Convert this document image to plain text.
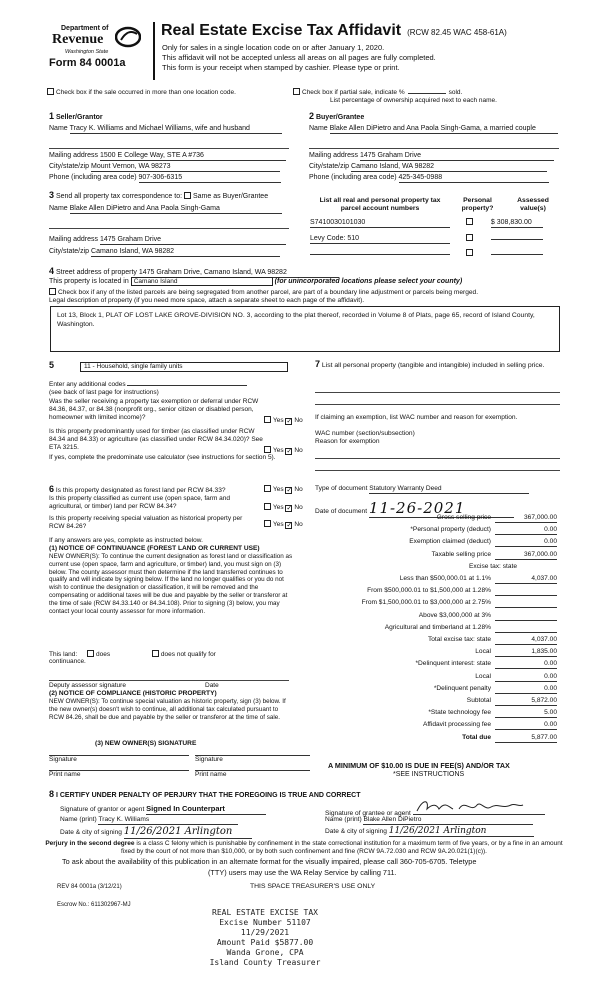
Department of
Revenue
Washington State
Form 84 0001a
Real Estate Excise Tax Affidavit (RCW 82.45 WAC 458-61A)
Only for sales in a single location code on or after January 1, 2020.
This affidavit will not be accepted unless all areas on all pages are fully completed.
This form is your receipt when stamped by cashier. Please type or print.
Check box if the sale occurred in more than one location code.	Check box if partial sale, indicate %	sold.
List percentage of ownership acquired next to each name.
1 Seller/Grantor
Name Tracy K. Williams and Michael Williams, wife and husband
Mailing address 1500 E College Way, STE A #736
City/state/zip Mount Vernon, WA 98273
Phone (including area code) 907-306-6315
2 Buyer/Grantee
Name Blake Allen DiPietro and Ana Paola Singh-Gama, a married couple
Mailing address 1475 Graham Drive
City/state/zip Camano Island, WA 98282
Phone (including area code) 425-345-0988
3 Send all property tax correspondence to: Same as Buyer/Grantee
Name Blake Allen DiPietro and Ana Paola Singh-Gama
Mailing address 1475 Graham Drive
City/state/zip Camano Island, WA 98282
List all real and personal property tax parcel account numbers
Personal property?
Assessed value(s)
S7410030101030	$ 308,830.00
Levy Code: 510

4 Street address of property 1475 Graham Drive, Camano Island, WA 98282
This property is located in Camano Island	(for unincorporated locations please select your county)
Check box if any of the listed parcels are being segregated from another parcel, are part of a boundary line adjustment or parcels being merged.
Legal description of property (if you need more space, attach a separate sheet to each page of the affidavit).
Lot 13, Block 1, PLAT OF LOST LAKE GROVE-DIVISION NO. 3, according to the plat thereof, recorded in Volume 8 of Plats, page 65, record of Island County, Washington.
5	11 - Household, single family units
Enter any additional codes
(see back of last page for instructions)
Was the seller receiving a property tax exemption or deferral under RCW 84.36, 84.37, or 84.38 (nonprofit org., senior citizen or disabled person, homeowner with limited income)?	Yes ✓ No
Is this property predominantly used for timber (as classified under RCW 84.34 and 84.33) or agriculture (as classified under RCW 84.34.020)? See ETA 3215.	Yes ✓ No
If yes, complete the predominate use calculator (see instructions for section 5).
7 List all personal property (tangible and intangible) included in selling price.
If claiming an exemption, list WAC number and reason for exemption.
WAC number (section/subsection)
Reason for exemption
6 Is this property designated as forest land per RCW 84.33?	Yes ✓ No
Is this property classified as current use (open space, farm and agricultural, or timber) land per RCW 84.34?	Yes ✓ No
Is this property receiving special valuation as historical property per RCW 84.26?	Yes ✓ No
If any answers are yes, complete as instructed below.
(1) NOTICE OF CONTINUANCE (FOREST LAND OR CURRENT USE)
NEW OWNER(S): To continue the current designation as forest land or classification as current use (open space, farm and agriculture, or timber) land, you must sign on (3) below. The county assessor must then determine if the land transferred continues to qualify and will indicate by signing below. If the land no longer qualifies or you do not wish to continue the designation or classification, it will be removed and the compensating or additional taxes will be due and payable by the seller or transferor at the time of sale (RCW 84.33.140 or 84.34.108). Prior to signing (3) below, you may contact your local county assessor for more information.
This land:	does	does not qualify for
continuance.
Deputy assessor signature	Date
(2) NOTICE OF COMPLIANCE (HISTORIC PROPERTY)
NEW OWNER(S): To continue special valuation as historic property, sign (3) below. If the new owner(s) doesn't wish to continue, all additional tax calculated pursuant to RCW 84.26, shall be due and payable by the seller or transferor at the time of sale.
(3) NEW OWNER(S) SIGNATURE
Signature	Signature
Print name	Print name
Type of document Statutory Warranty Deed
Date of document 11-26-2021
Gross selling price	367,000.00
*Personal property (deduct)	0.00
Exemption claimed (deduct)	0.00
Taxable selling price	367,000.00
Excise tax: state
Less than $500,000.01 at 1.1%	4,037.00
From $500,000.01 to $1,500,000 at 1.28%
From $1,500,000.01 to $3,000,000 at 2.75%
Above $3,000,000 at 3%
Agricultural and timberland at 1.28%
Total excise tax: state	4,037.00
Local	1,835.00
*Delinquent interest: state	0.00
Local	0.00
*Delinquent penalty	0.00
Subtotal	5,872.00
*State technology fee	5.00
Affidavit processing fee	0.00
Total due	5,877.00
A MINIMUM OF $10.00 IS DUE IN FEE(S) AND/OR TAX
*SEE INSTRUCTIONS
8 I CERTIFY UNDER PENALTY OF PERJURY THAT THE FOREGOING IS TRUE AND CORRECT
Signature of grantor or agent Signed In Counterpart
Name (print) Tracy K. Williams
Date & city of signing 11/26/2021 Arlington
Signature of grantee or agent
Name (print) Blake Allen DiPietro
Date & city of signing 11/26/2021 Arlington
Perjury in the second degree is a class C felony which is punishable by confinement in the state correctional institution for a maximum term of five years, or by a fine in an amount fixed by the court of not more than $10,000, or by both such confinement and fine (RCW 9A.72.030 and RCW 9A.20.021(1)(c)).
To ask about the availability of this publication in an alternate format for the visually impaired, please call 360-705-6705. Teletype
(TTY) users may use the WA Relay Service by calling 711.
REV 84 0001a (3/12/21)	THIS SPACE TREASURER'S USE ONLY
Escrow No.: 611302967-MJ
REAL ESTATE EXCISE TAX
Excise Number 51107
11/29/2021
Amount Paid $5877.00
Wanda Grone, CPA
Island County Treasurer
